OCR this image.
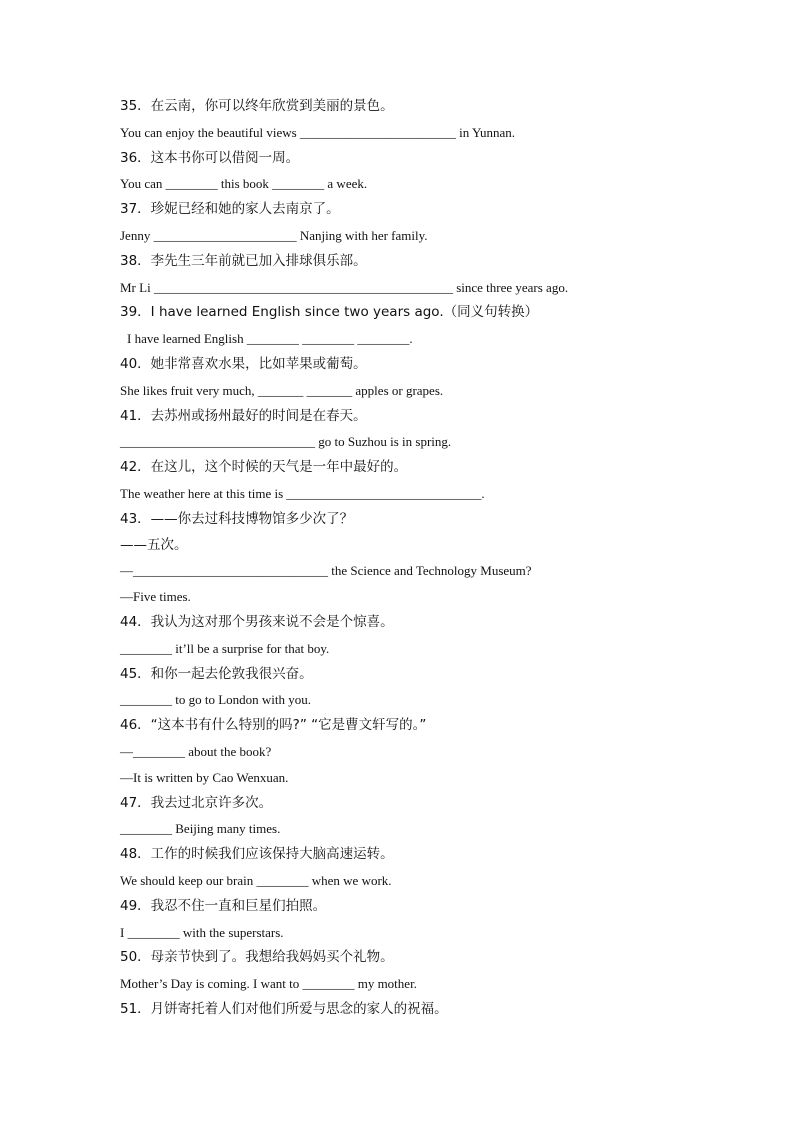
35．在云南，你可以终年欣赏到美丽的景色。
You can enjoy the beautiful views ________________________ in Yunnan.
36．这本书你可以借阅一周。
You can ________ this book ________ a week.
37．珍妮已经和她的家人去南京了。
Jenny ______________________ Nanjing with her family.
38．李先生三年前就已加入排球俱乐部。
Mr Li ______________________________________________ since three years ago.
39．I have learned English since two years ago.（同义句转换）
I have learned English ________ ________ ________.
40．她非常喜欢水果，比如苹果或葡萄。
She likes fruit very much, _______ _______ apples or grapes.
41．去苏州或扬州最好的时间是在春天。
______________________________ go to Suzhou is in spring.
42．在这儿，这个时候的天气是一年中最好的。
The weather here at this time is ______________________________.
43．——你去过科技博物馆多少次了？
——五次。
—______________________________ the Science and Technology Museum?
—Five times.
44．我认为这对那个男孩来说不会是个惊喜。
________ it’ll be a surprise for that boy.
45．和你一起去伦敦我很兴奋。
________ to go to London with you.
46．“这本书有什么特别的吗?” “它是曹文轩写的。”
—________ about the book?
—It is written by Cao Wenxuan.
47．我去过北京许多次。
________ Beijing many times.
48．工作的时候我们应该保持大脑高速运转。
We should keep our brain ________ when we work.
49．我忍不住一直和巨星们拍照。
I ________ with the superstars.
50．母亲节快到了。我想给我妈妈买个礼物。
Mother’s Day is coming. I want to ________ my mother.
51．月饼寄托着人们对他们所爱与思念的家人的祝福。
